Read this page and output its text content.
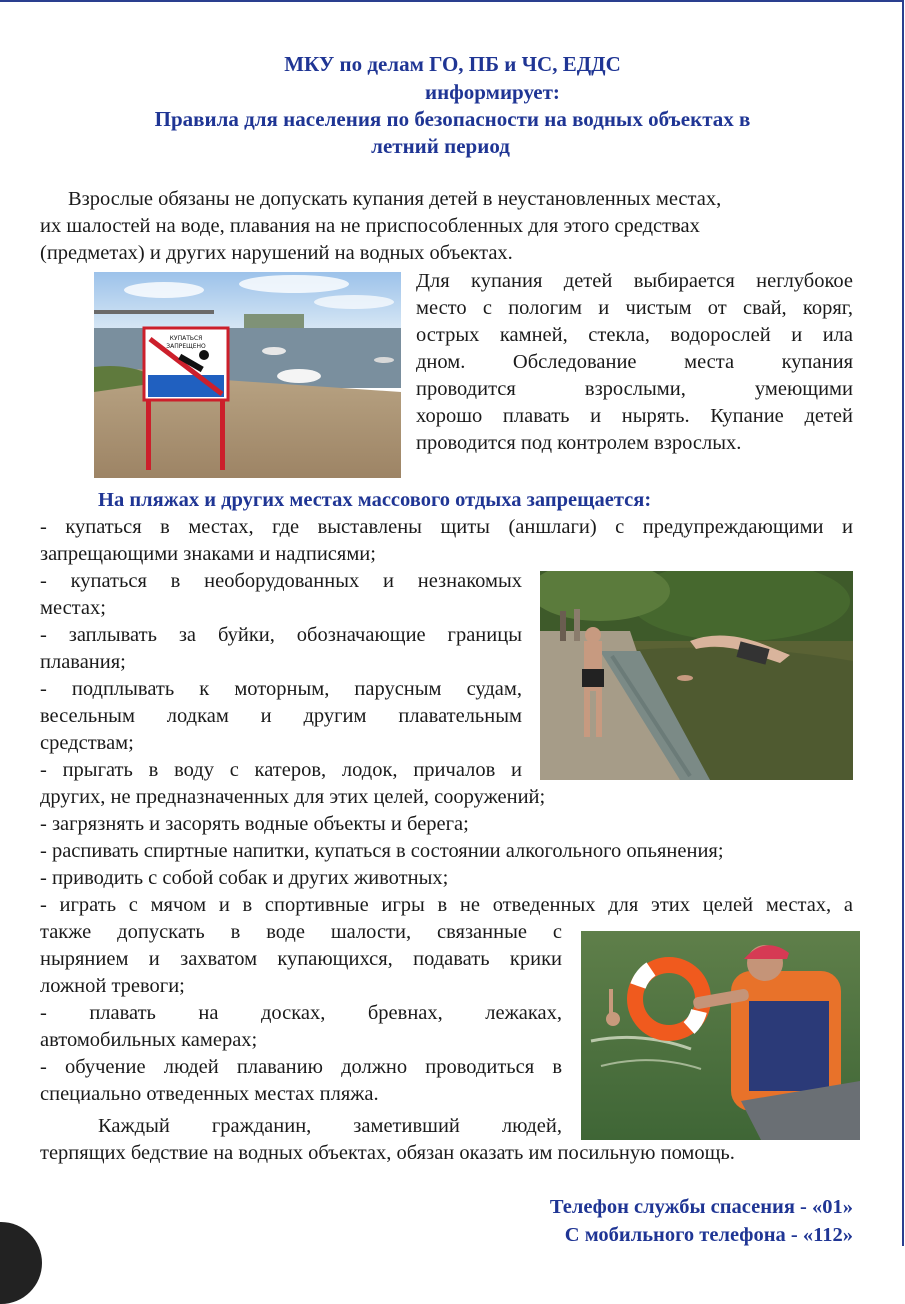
МКУ по делам ГО, ПБ и ЧС, ЕДДС
информирует:
Правила для населения по безопасности на водных объектах в
летний период
Взрослые обязаны не допускать купания детей в неустановленных местах,
их шалостей на воде, плавания на не приспособленных для этого средствах
(предметах) и других нарушений на водных объектах.
КУПАТЬСЯ
ЗАПРЕЩЕНО
Для купания детей выбирается неглубокое
место с пологим и чистым от свай, коряг,
острых камней, стекла, водорослей и ила
дном. Обследование места купания
проводится взрослыми, умеющими
хорошо плавать и нырять. Купание детей
проводится под контролем взрослых.
На пляжах и других местах массового отдыха запрещается:
- купаться в местах, где выставлены щиты (аншлаги) с предупреждающими и
запрещающими знаками и надписями;
- купаться в необорудованных и незнакомых
местах;
- заплывать за буйки, обозначающие границы
плавания;
- подплывать к моторным, парусным судам,
весельным лодкам и другим плавательным
средствам;
- прыгать в воду с катеров, лодок, причалов и
других, не предназначенных для этих целей, сооружений;
- загрязнять и засорять водные объекты и берега;
- распивать спиртные напитки, купаться в состоянии алкогольного опьянения;
- приводить с собой собак и других животных;
- играть с мячом и в спортивные игры в не отведенных для этих целей местах, а
также допускать в воде шалости, связанные с
нырянием и захватом купающихся, подавать крики
ложной тревоги;
- плавать на досках, бревнах, лежаках,
автомобильных камерах;
- обучение людей плаванию должно проводиться в
специально отведенных местах пляжа.
Каждый гражданин, заметивший людей,
терпящих бедствие на водных объектах, обязан оказать им посильную помощь.
Телефон службы спасения - «01»
С мобильного телефона - «112»
